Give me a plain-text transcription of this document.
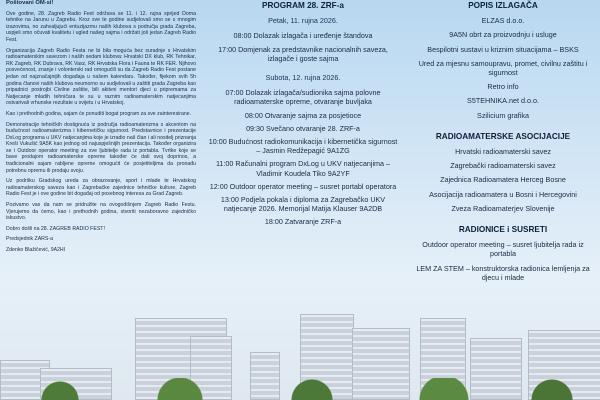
Poštovani OM-si!

Ove godine, 28. Zagreb Radio Fest održava se 11. i 12. rujna sprijed Doma tehnike na Jarunu u Zagrebu. Kroz sve te godine sudjelovali smo se s mnogim izazovima, no zahvaljujući entuzijazmu naših klubova s područja grada Zagreba, uspjeli smo očuvati kvalitetu i ugled našeg sajma i održati još jedan Zagreb Radio Fest.

Organizacija Zagreb Radio Festa ne bi bila moguća bez suradnje s Hrvatskim radioamaterskim savezom i naših sedam klubova: Hrvatski DX klub, RK Tehnikar, RK Zagreb, RK Dubrava, RK Vasz, RK Hrvatska Flora i Fauna te RK FER. Njihovo posvećenost, znanje i volonterski rad omogućili su da Zagreb Radio Fest postane jedan od najznačajnijih događaja u našem kalendaru. Također, fijekom svih 5h godina članovi naših klubova neumorno su sudjelovali u zaštiti grada Zagreba kao pripadnici postrojbi Civilne zaštite, bili aktivni mentori djeci u pripremama za Natjecanje mladih tehničara te su u raznim radioamaterskim natjecanjima ostvarivali vrhunske rezultate u svijetu i u Hrvatskoj.

Kao i prethodnih godina, sajam će ponuditi bogat program za sve zainteresirane.

Demonstracije tehničkih dostignuća iz područja radioamaterizma s akcentom na budućnost radioamaterizma i kibernetičku sigurnost. Predstavnice i prezentacije DxLog programa u UKV natjecanjima koje je izradio naš član i ali nositelj priznanja Kreši Vukušić 9A5K kao jednog od najuspješnijih prezentacija. Također organizira se i Outdoor operator meeting za sve ljubitelje rada iz portabla. Tvrtke koje se bave prodajom radioamaterske opreme također će dati svoj doprinos, a tradicionalni sajam rabljene opreme omogućit će posjetiteljima da pronađu potrebnu opremu ili prodaju svoju.

Uz podršku Gradskog ureda za obrazovanje, sport i mlade te Hrvatskog radioamaterskog saveza kao i Zagrebačke zajednice tehničke kulture, Zagreb Radio Fest je i ove godine bit događaj od posebnog interesa za Grad Zagreb.

Pozivamo vas da nam se pridružite na ovogodišnjem Zagreb Radio Festu. Vjerujemo da ćemo, kao i prethodnih godina, stvoriti nezaboravno zajedničko iskustvo.

Dobro došli na 28. ZAGREB RADIO FEST!

Predsjednik ZARS-a

Zdenko Blažičević, 9A2HI

PROGRAM 28. ZRF-a
Petak, 11. rujna 2026.
08:00 Dolazak izlagača i uređenje štandova
17:00 Domjenak za predstavnike nacionalnih saveza, izlagače i goste sajma
Subota, 12. rujna 2026.
07:00 Dolazak izlagača/sudionika sajma polovne radioamaterske opreme, otvaranje buvljaka
08:00 Otvaranje sajma za posjetioce
09:30 Svečano otvaranje 28. ZRF-a
10:00 Budućnost radiokomunikacija i kibernetička sigurnost – Jasmin Redžepagić 9A1ZG
11:00 Računalni program DxLog u UKV natjecanjima – Vladimir Koudela Tiko 9A2YF
12:00 Outdoor operator meeting – susret portabl operatora
13:00 Podjela pokala i diploma za Zagrebačko UKV natjecanje 2026. Memorijal Matija Klauser 9A2DB
18:00 Zatvaranje ZRF-a
POPIS IZLAGAČA
ELZAS d.o.o.
9A5N obrt za proizvodnju i usluge
Bespilotni sustavi u kriznim situacijama – BSKS
Ured za mjesnu samoupravu, promet, civilnu zaštitu i sigurnost
Retro info
S5TEHNIKA.net d.o.o.
Szilicium grafika
RADIOAMATERSKE ASOCIJACIJE
Hrvatski radioamaterski savez
Zagrebački radioamaterski savez
Zajednica Radioamatera Herceg Bosne
Asocijacija radioamatera u Bosni i Hercegovini
Zveza Radioamaterjev Slovenije
RADIONICE i SUSRETI
Outdoor operator meeting – susret ljubitelja rada iz portabla
LEM ZA STEM – konstruktorska radionica lemljenja za djecu i mlade
